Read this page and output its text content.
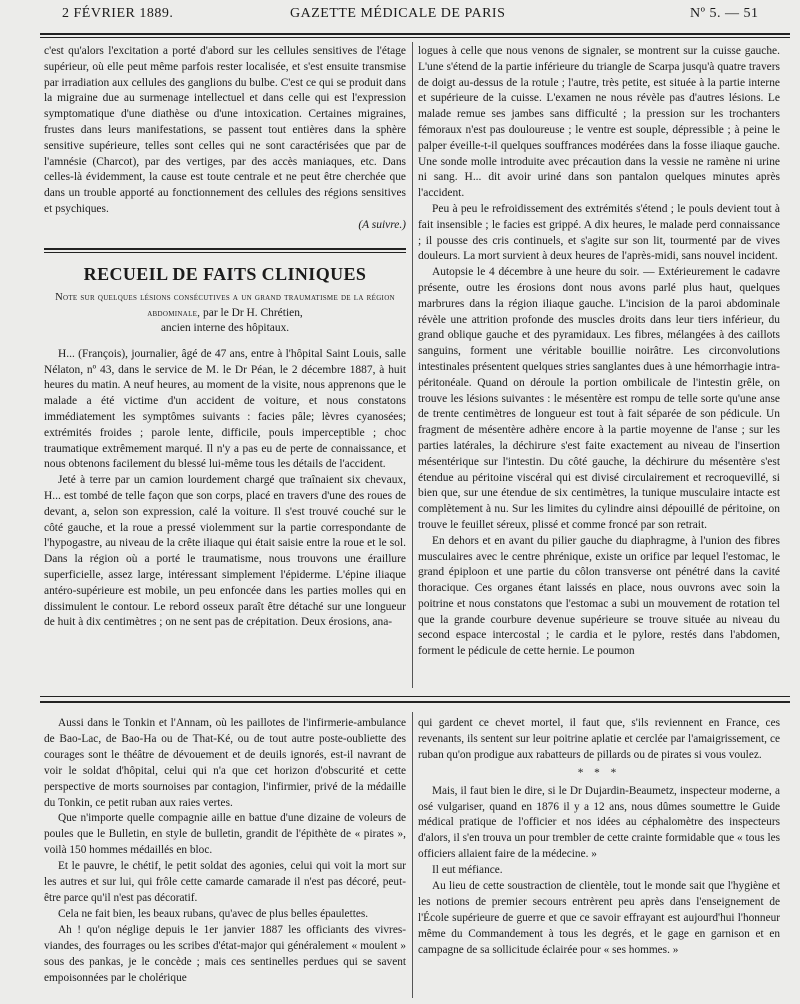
2 FÉVRIER 1889.	GAZETTE MÉDICALE DE PARIS	Nº 5. — 51

c'est qu'alors l'excitation a porté d'abord sur les cellules sensitives de l'étage supérieur, où elle peut même parfois rester localisée, et s'est ensuite transmise par irradiation aux cellules des ganglions du bulbe. C'est ce qui se produit dans la migraine due au surmenage intellectuel et dans celle qui est l'expression symptomatique d'une diathèse ou d'une intoxication. Certaines migraines, frustes dans leurs manifestations, se passent tout entières dans la sphère sensitive supérieure, telles sont celles qui ne sont caractérisées que par de l'amnésie (Charcot), par des vertiges, par des accès maniaques, etc. Dans celles-là évidemment, la cause est toute centrale et ne peut être cherchée que dans un trouble apporté au fonctionnement des cellules des régions sensitives et psychiques.

(A suivre.)
RECUEIL DE FAITS CLINIQUES
Note sur quelques lésions consécutives a un grand traumatisme de la région abdominale, par le Dr H. Chrétien,
ancien interne des hôpitaux.

H... (François), journalier, âgé de 47 ans, entre à l'hôpital Saint Louis, salle Nélaton, nº 43, dans le service de M. le Dr Péan, le 2 décembre 1887, à huit heures du matin. A neuf heures, au moment de la visite, nous apprenons que le malade a été victime d'un accident de voiture, et nous constatons immédiatement les symptômes suivants : facies pâle; lèvres cyanosées; extrémités froides ; parole lente, difficile, pouls imperceptible ; choc traumatique extrêmement marqué. Il n'y a pas eu de perte de connaissance, et nous obtenons facilement du blessé lui-même tous les détails de l'accident.

Jeté à terre par un camion lourdement chargé que traînaient six chevaux, H... est tombé de telle façon que son corps, placé en travers d'une des roues de devant, a, selon son expression, calé la voiture. Il s'est trouvé couché sur le côté gauche, et la roue a pressé violemment sur la partie correspondante de l'hypogastre, au niveau de la crête iliaque qui était saisie entre la roue et le sol. Dans la région où a porté le traumatisme, nous trouvons une éraillure superficielle, assez large, intéressant simplement l'épiderme. L'épine iliaque antéro-supérieure est mobile, un peu enfoncée dans les parties molles qui en dissimulent le contour. Le rebord osseux paraît être détaché sur une longueur de huit à dix centimètres ; on ne sent pas de crépitation. Deux érosions, ana-

logues à celle que nous venons de signaler, se montrent sur la cuisse gauche. L'une s'étend de la partie inférieure du triangle de Scarpa jusqu'à quatre travers de doigt au-dessus de la rotule ; l'autre, très petite, est située à la partie interne et supérieure de la cuisse. L'examen ne nous révèle pas d'autres lésions. Le malade remue ses jambes sans difficulté ; la pression sur les trochanters fémoraux n'est pas douloureuse ; le ventre est souple, dépressible ; à peine le palper éveille-t-il quelques souffrances modérées dans la fosse iliaque gauche. Une sonde molle introduite avec précaution dans la vessie ne ramène ni urine ni sang. H... dit avoir uriné dans son pantalon quelques minutes après l'accident.

Peu à peu le refroidissement des extrémités s'étend ; le pouls devient tout à fait insensible ; le facies est grippé. A dix heures, le malade perd connaissance ; il pousse des cris continuels, et s'agite sur son lit, tourmenté par de vives douleurs. La mort survient à deux heures de l'après-midi, sans nouvel incident.

Autopsie le 4 décembre à une heure du soir. — Extérieurement le cadavre présente, outre les érosions dont nous avons parlé plus haut, quelques marbrures dans la région iliaque gauche. L'incision de la paroi abdominale révèle une attrition profonde des muscles droits dans leur tiers inférieur, du grand oblique gauche et des pyramidaux. Les fibres, mélangées à des caillots sanguins, forment une véritable bouillie noirâtre. Les circonvolutions intestinales présentent quelques stries sanglantes dues à une hémorrhagie intra-péritonéale. Quand on déroule la portion ombilicale de l'intestin grêle, on trouve les lésions suivantes : le mésentère est rompu de telle sorte qu'une anse de trente centimètres de longueur est tout à fait séparée de son pédicule. Un fragment de mésentère adhère encore à la partie moyenne de l'anse ; sur les parties latérales, la déchirure s'est faite exactement au niveau de l'insertion mésentérique sur l'intestin. Du côté gauche, la déchirure du mésentère s'est étendue au péritoine viscéral qui est divisé circulairement et recroquevillé, si bien que, sur une étendue de six centimètres, la tunique musculaire intacte est complètement à nu. Sur les limites du cylindre ainsi dépouillé de péritoine, on trouve le feuillet séreux, plissé et comme froncé par son retrait.

En dehors et en avant du pilier gauche du diaphragme, à l'union des fibres musculaires avec le centre phrénique, existe un orifice par lequel l'estomac, le grand épiploon et une partie du côlon transverse ont pénétré dans la cavité thoracique. Ces organes étant laissés en place, nous ouvrons avec soin la poitrine et nous constatons que l'estomac a subi un mouvement de rotation tel que la grande courbure devenue supérieure se trouve située au niveau du second espace intercostal ; le cardia et le pylore, restés dans l'abdomen, forment le pédicule de cette hernie. Le poumon

Aussi dans le Tonkin et l'Annam, où les paillotes de l'infirmerie-ambulance de Bao-Lac, de Bao-Ha ou de That-Ké, ou de tout autre poste-oubliette des courages sont le théâtre de dévouement et de deuils ignorés, est-il navrant de voir le soldat d'hôpital, celui qui n'a que cet horizon d'obscurité et cette perspective de morts sournoises par contagion, l'infirmier, privé de la médaille du Tonkin, ce petit ruban aux raies vertes.

Que n'importe quelle compagnie aille en battue d'une dizaine de voleurs de poules que le Bulletin, en style de bulletin, grandit de l'épithète de « pirates », voilà 150 hommes médaillés en bloc.

Et le pauvre, le chétif, le petit soldat des agonies, celui qui voit la mort sur les autres et sur lui, qui frôle cette camarde camarade il n'est pas décoré, peut-être parce qu'il n'est pas décoratif.

Cela ne fait bien, les beaux rubans, qu'avec de plus belles épaulettes.

Ah ! qu'on néglige depuis le 1er janvier 1887 les officiants des vivres-viandes, des fourrages ou les scribes d'état-major qui généralement « moulent » sous des pankas, je le concède ; mais ces sentinelles perdues qui se savent empoisonnées par le cholérique

qui gardent ce chevet mortel, il faut que, s'ils reviennent en France, ces revenants, ils sentent sur leur poitrine aplatie et cerclée par l'amaigrissement, ce ruban qu'on prodigue aux rabatteurs de pillards ou de pirates si vous voulez.

* * *

Mais, il faut bien le dire, si le Dr Dujardin-Beaumetz, inspecteur moderne, a osé vulgariser, quand en 1876 il y a 12 ans, nous dûmes soumettre le Guide médical pratique de l'officier et nos idées au céphalomètre des inspecteurs d'alors, il s'en trouva un pour trembler de cette crainte formidable que « tous les officiers allaient faire de la médecine. »

Il eut méfiance.

Au lieu de cette soustraction de clientèle, tout le monde sait que l'hygiène et les notions de premier secours entrèrent peu après dans l'enseignement de l'École supérieure de guerre et que ce savoir effrayant est aujourd'hui l'honneur même du Commandement à tous les degrés, et le gage en garnison et en campagne de sa sollicitude éclairée pour « ses hommes. »
